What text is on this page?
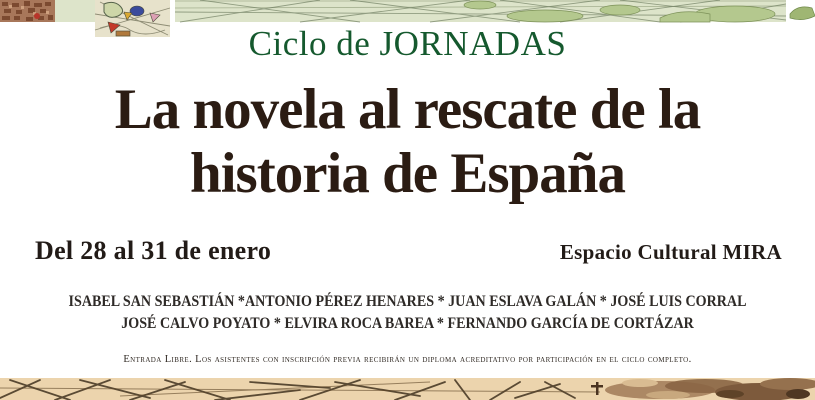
Ciclo de JORNADAS
La novela al rescate de la
historia de España
Del 28 al 31 de enero	Espacio Cultural MIRA
ISABEL SAN SEBASTIÁN *ANTONIO PÉREZ HENARES * JUAN ESLAVA GALÁN * JOSÉ LUIS CORRAL
JOSÉ CALVO POYATO * ELVIRA ROCA BAREA * FERNANDO GARCÍA DE CORTÁZAR
Entrada Libre. Los asistentes con inscripción previa recibirán un diploma acreditativo por participación en el ciclo completo.
